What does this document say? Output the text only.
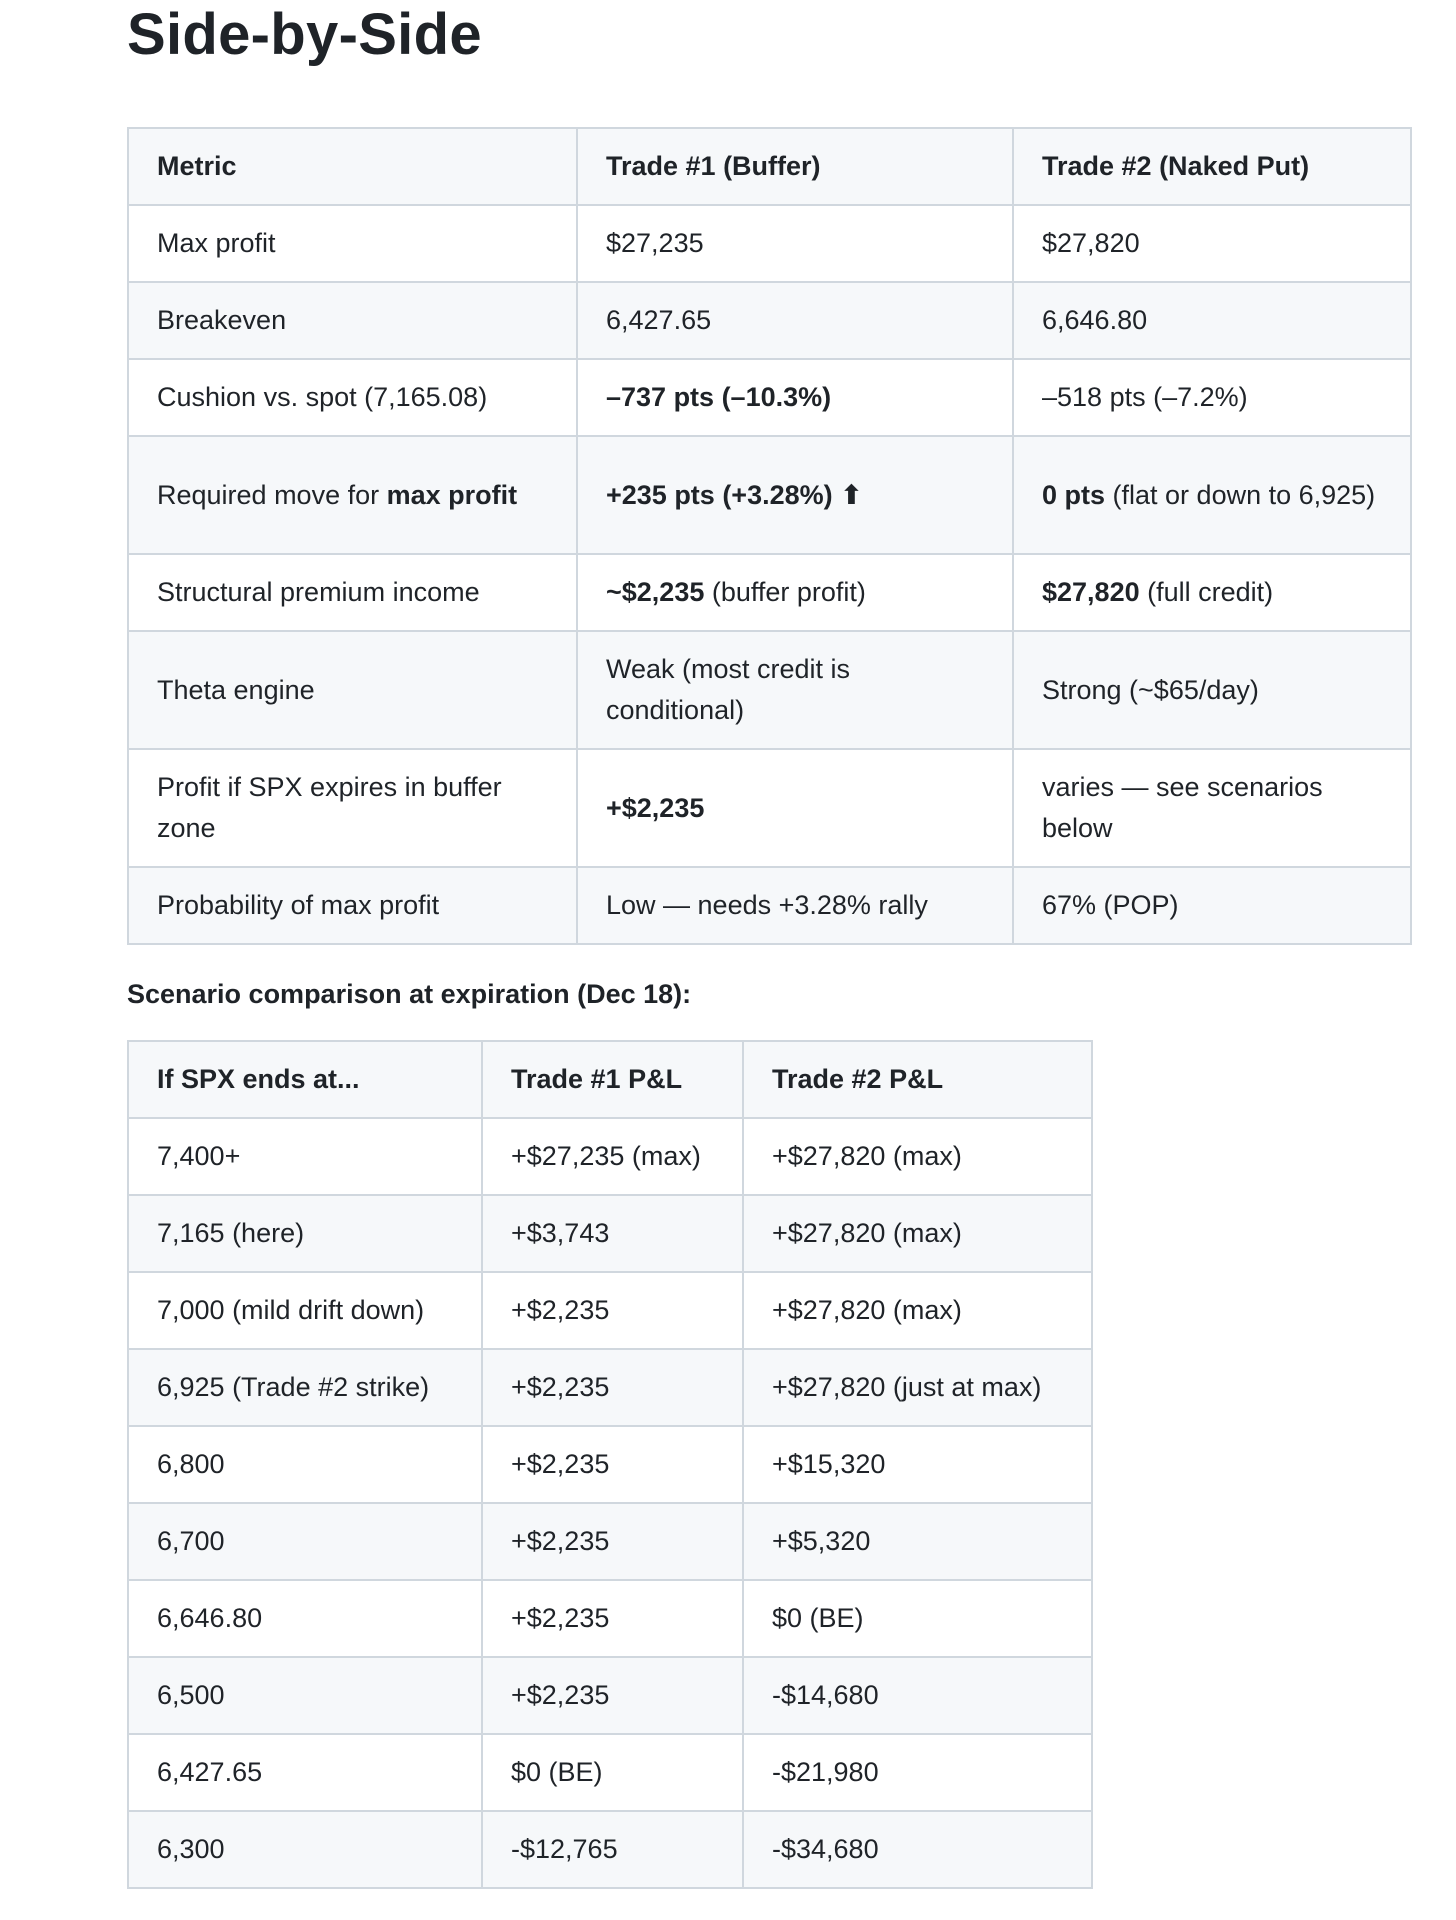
Side-by-Side
Metric	Trade #1 (Buffer)	Trade #2 (Naked Put)
Max profit	$27,235	$27,820
Breakeven	6,427.65	6,646.80
Cushion vs. spot (7,165.08)	–737 pts (–10.3%)	–518 pts (–7.2%)
Required move for max profit	+235 pts (+3.28%) ⬆	0 pts (flat or down to 6,925)
Structural premium income	~$2,235 (buffer profit)	$27,820 (full credit)
Theta engine	Weak (most credit is conditional)	Strong (~$65/day)
Profit if SPX expires in buffer zone	+$2,235	varies — see scenarios below
Probability of max profit	Low — needs +3.28% rally	67% (POP)

Scenario comparison at expiration (Dec 18):

If SPX ends at...	Trade #1 P&L	Trade #2 P&L
7,400+	+$27,235 (max)	+$27,820 (max)
7,165 (here)	+$3,743	+$27,820 (max)
7,000 (mild drift down)	+$2,235	+$27,820 (max)
6,925 (Trade #2 strike)	+$2,235	+$27,820 (just at max)
6,800	+$2,235	+$15,320
6,700	+$2,235	+$5,320
6,646.80	+$2,235	$0 (BE)
6,500	+$2,235	-$14,680
6,427.65	$0 (BE)	-$21,980
6,300	-$12,765	-$34,680
